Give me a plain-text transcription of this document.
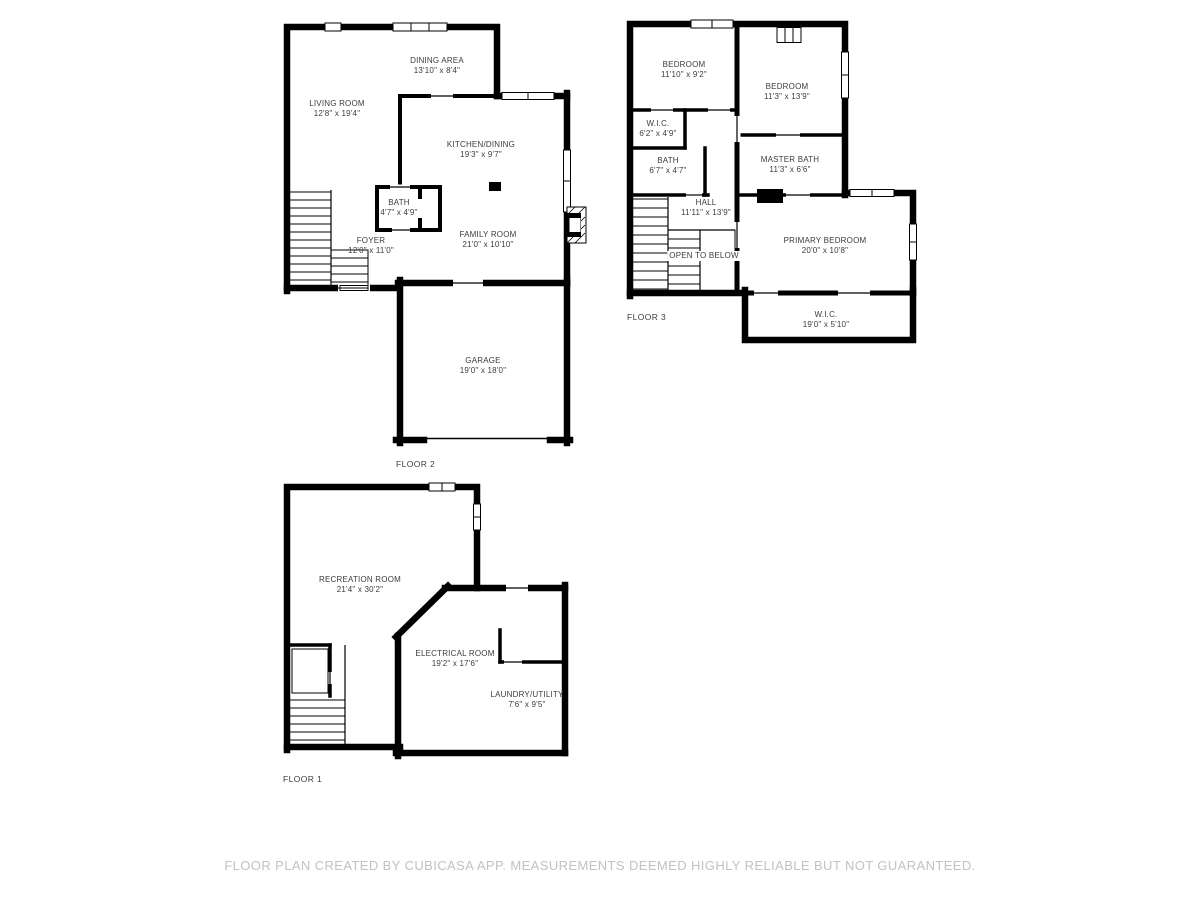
DINING AREA
13'10" x 8'4"
LIVING ROOM
12'8" x 19'4"
KITCHEN/DINING
19'3" x 9'7"
BATH
4'7" x 4'9"
FOYER
12'0" x 11'0"
FAMILY ROOM
21'0" x 10'10"
GARAGE
19'0" x 18'0"
BEDROOM
11'10" x 9'2"
BEDROOM
11'3" x 13'9"
W.I.C.
6'2" x 4'9"
BATH
6'7" x 4'7"
MASTER BATH
11'3" x 6'6"
HALL
11'11" x 13'9"
OPEN TO BELOW
PRIMARY BEDROOM
20'0" x 10'8"
W.I.C.
19'0" x 5'10"
RECREATION ROOM
21'4" x 30'2"
ELECTRICAL ROOM
19'2" x 17'6"
LAUNDRY/UTILITY
7'6" x 9'5"
FLOOR 2
FLOOR 3
FLOOR 1
FLOOR PLAN CREATED BY CUBICASA APP. MEASUREMENTS DEEMED HIGHLY RELIABLE BUT NOT GUARANTEED.
